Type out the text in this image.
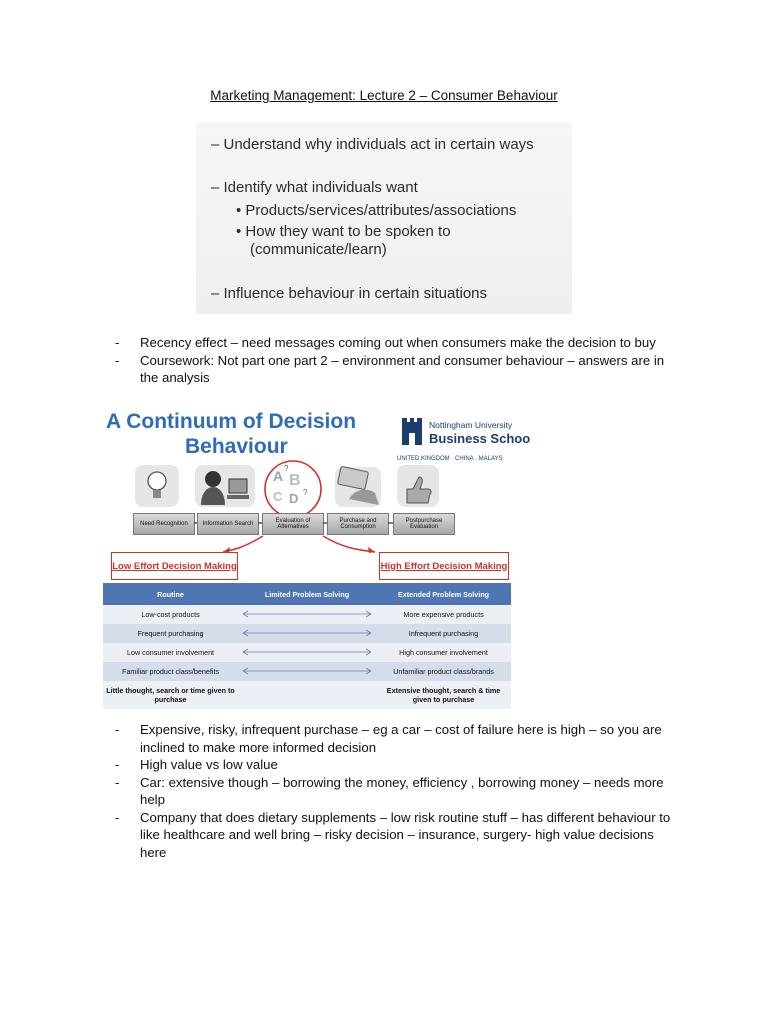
Marketing Management: Lecture 2 – Consumer Behaviour
– Understand why individuals act in certain ways
– Identify what individuals want
• Products/services/attributes/associations
• How they want to be spoken to
(communicate/learn)
– Influence behaviour in certain situations
- Recency effect – need messages coming out when consumers make the decision to buy
- Coursework: Not part one part 2 – environment and consumer behaviour – answers are in the analysis
A Continuum of Decision
Behaviour
Nottingham University
Business Schoo
UNITED KINGDOM · CHINA · MALAYS
A B
C D
?
?
Need Recognition	Information Search
Evaluation of Alternatives
Purchase and Consumption
Postpurchase Evaluation
Low Effort Decision Making	High Effort Decision Making
Routine	Limited Problem Solving	Extended Problem Solving
Low-cost products		More expensive products
Frequent purchasing		Infrequent purchasing
Low consumer involvement		High consumer involvement
Familiar product class/benefits		Unfamiliar product class/brands
Little thought, search or time given to purchase		Extensive thought, search & time given to purchase
- Expensive, risky, infrequent purchase – eg a car – cost of failure here is high – so you are inclined to make more informed decision
- High value vs low value
- Car: extensive though – borrowing the money, efficiency , borrowing money – needs more help
- Company that does dietary supplements – low risk routine stuff – has different behaviour to like healthcare and well bring – risky decision – insurance, surgery- high value decisions here
